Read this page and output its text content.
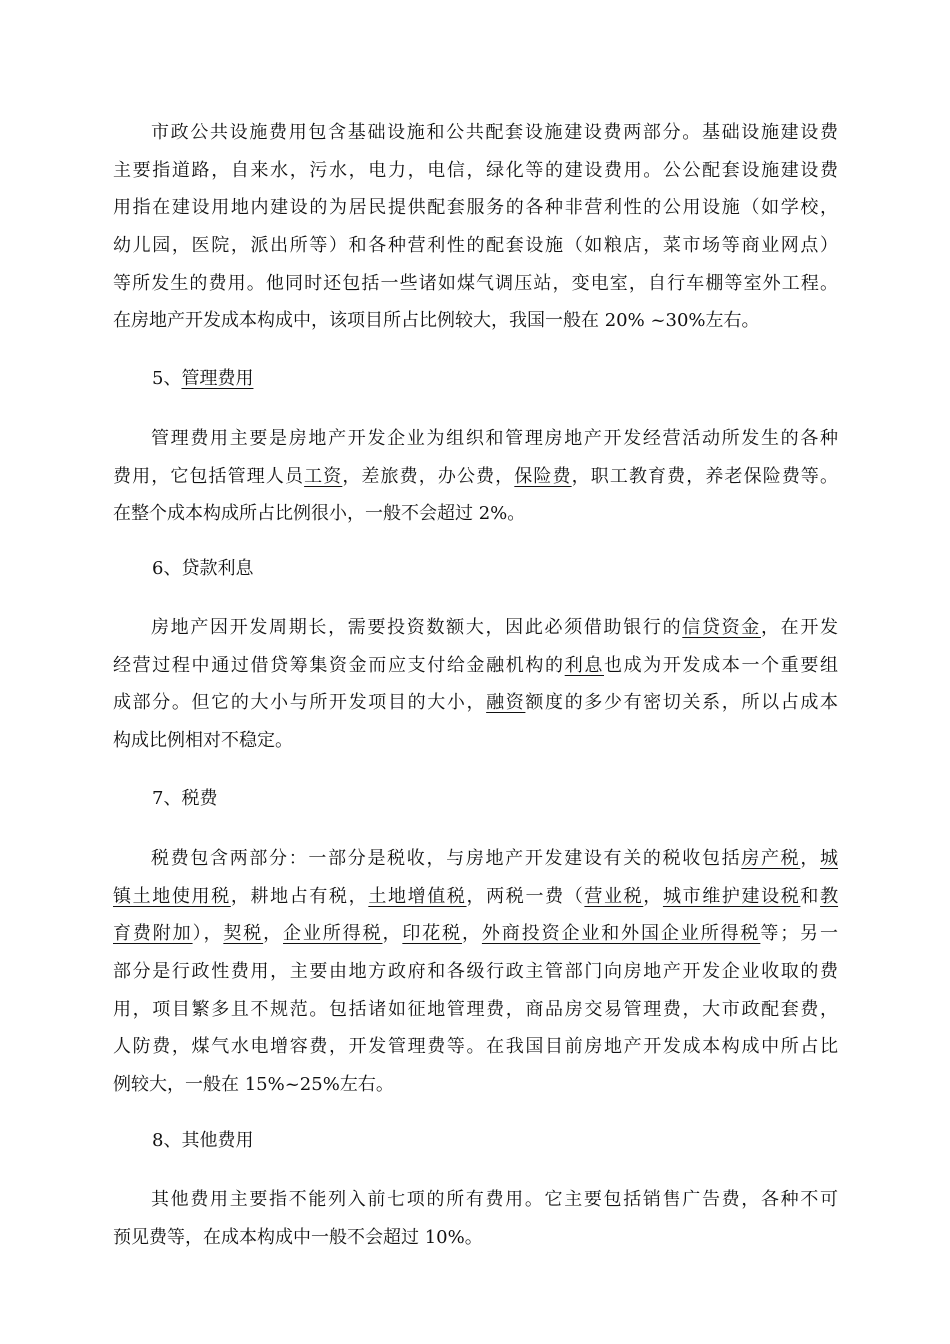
市政公共设施费用包含基础设施和公共配套设施建设费两部分。基础设施建设费
主要指道路，自来水，污水，电力，电信，绿化等的建设费用。公公配套设施建设费
用指在建设用地内建设的为居民提供配套服务的各种非营利性的公用设施（如学校，
幼儿园，医院，派出所等）和各种营利性的配套设施（如粮店，菜市场等商业网点）
等所发生的费用。他同时还包括一些诸如煤气调压站，变电室，自行车棚等室外工程。
在房地产开发成本构成中，该项目所占比例较大，我国一般在 20% ~30%左右。
5、管理费用
管理费用主要是房地产开发企业为组织和管理房地产开发经营活动所发生的各种
费用，它包括管理人员工资，差旅费，办公费，保险费，职工教育费，养老保险费等。
在整个成本构成所占比例很小，一般不会超过 2%。
6、贷款利息
房地产因开发周期长，需要投资数额大，因此必须借助银行的信贷资金，在开发
经营过程中通过借贷筹集资金而应支付给金融机构的利息也成为开发成本一个重要组
成部分。但它的大小与所开发项目的大小，融资额度的多少有密切关系，所以占成本
构成比例相对不稳定。
7、税费
税费包含两部分：一部分是税收，与房地产开发建设有关的税收包括房产税，城
镇土地使用税，耕地占有税，土地增值税，两税一费（营业税，城市维护建设税和教
育费附加），契税，企业所得税，印花税，外商投资企业和外国企业所得税等；另一
部分是行政性费用，主要由地方政府和各级行政主管部门向房地产开发企业收取的费
用，项目繁多且不规范。包括诸如征地管理费，商品房交易管理费，大市政配套费，
人防费，煤气水电增容费，开发管理费等。在我国目前房地产开发成本构成中所占比
例较大，一般在 15%~25%左右。
8、其他费用
其他费用主要指不能列入前七项的所有费用。它主要包括销售广告费，各种不可
预见费等，在成本构成中一般不会超过 10%。
